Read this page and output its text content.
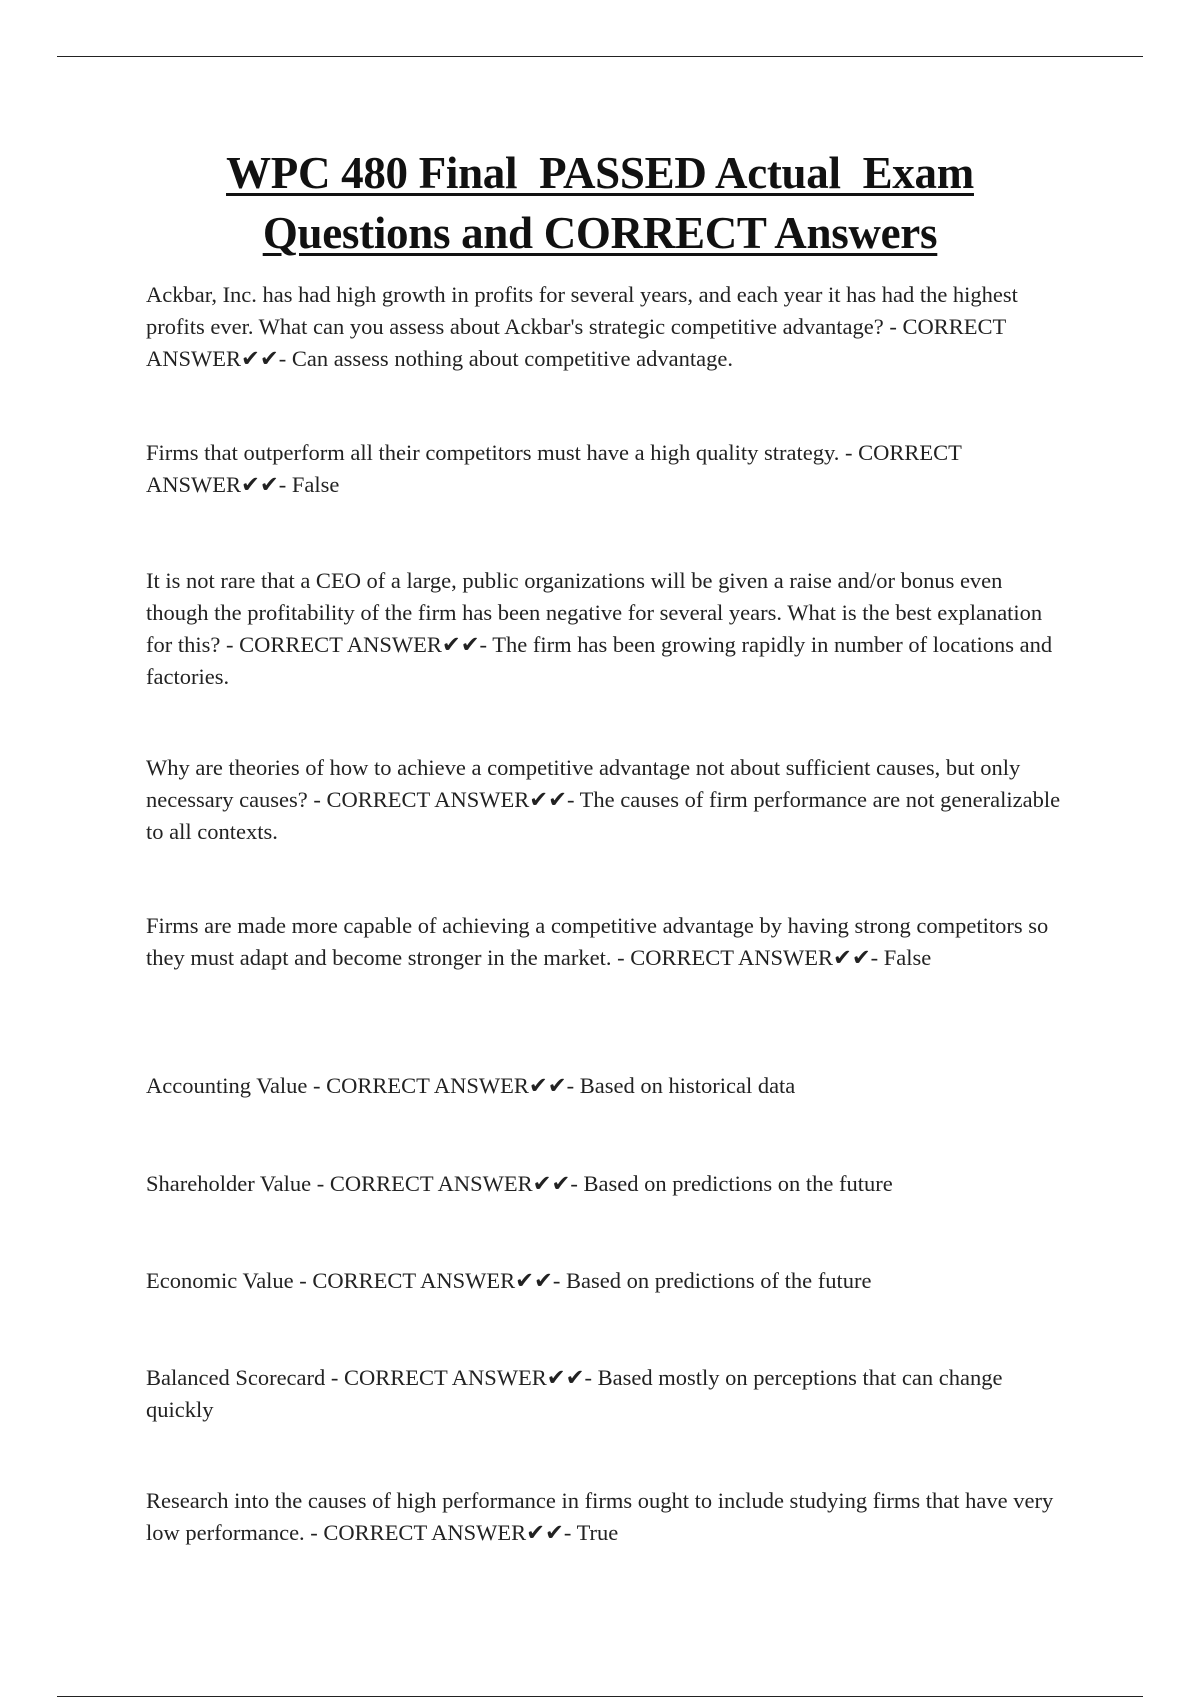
WPC 480 Final  PASSED Actual  Exam
Questions and CORRECT Answers

Ackbar, Inc. has had high growth in profits for several years, and each year it has had the highest profits ever. What can you assess about Ackbar's strategic competitive advantage? - CORRECT ANSWER✔✔- Can assess nothing about competitive advantage.

Firms that outperform all their competitors must have a high quality strategy. - CORRECT ANSWER✔✔- False

It is not rare that a CEO of a large, public organizations will be given a raise and/or bonus even though the profitability of the firm has been negative for several years. What is the best explanation for this? - CORRECT ANSWER✔✔- The firm has been growing rapidly in number of locations and factories.

Why are theories of how to achieve a competitive advantage not about sufficient causes, but only necessary causes? - CORRECT ANSWER✔✔- The causes of firm performance are not generalizable to all contexts.

Firms are made more capable of achieving a competitive advantage by having strong competitors so they must adapt and become stronger in the market. - CORRECT ANSWER✔✔- False

Accounting Value - CORRECT ANSWER✔✔- Based on historical data

Shareholder Value - CORRECT ANSWER✔✔- Based on predictions on the future

Economic Value - CORRECT ANSWER✔✔- Based on predictions of the future

Balanced Scorecard - CORRECT ANSWER✔✔- Based mostly on perceptions that can change quickly

Research into the causes of high performance in firms ought to include studying firms that have very low performance. - CORRECT ANSWER✔✔- True
